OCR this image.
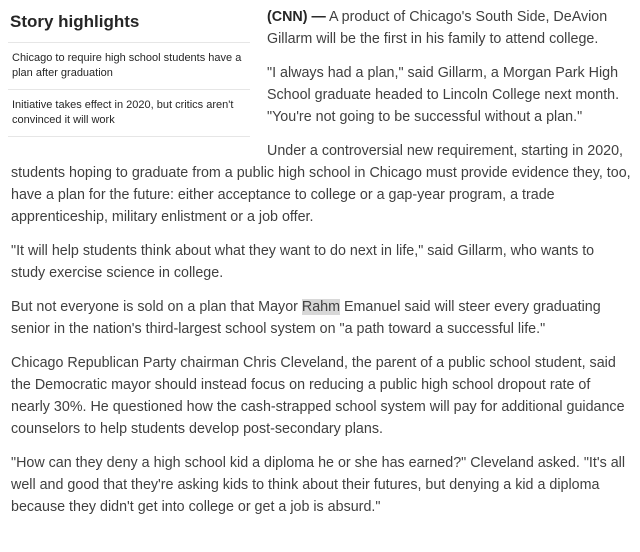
Story highlights
Chicago to require high school students have a plan after graduation
Initiative takes effect in 2020, but critics aren't convinced it will work

(CNN) — A product of Chicago's South Side, DeAvion Gillarm will be the first in his family to attend college.

"I always had a plan," said Gillarm, a Morgan Park High School graduate headed to Lincoln College next month. "You're not going to be successful without a plan."

Under a controversial new requirement, starting in 2020, students hoping to graduate from a public high school in Chicago must provide evidence they, too, have a plan for the future: either acceptance to college or a gap-year program, a trade apprenticeship, military enlistment or a job offer.

"It will help students think about what they want to do next in life," said Gillarm, who wants to study exercise science in college.

But not everyone is sold on a plan that Mayor Rahm Emanuel said will steer every graduating senior in the nation's third-largest school system on "a path toward a successful life."

Chicago Republican Party chairman Chris Cleveland, the parent of a public school student, said the Democratic mayor should instead focus on reducing a public high school dropout rate of nearly 30%. He questioned how the cash-strapped school system will pay for additional guidance counselors to help students develop post-secondary plans.

"How can they deny a high school kid a diploma he or she has earned?" Cleveland asked. "It's all well and good that they're asking kids to think about their futures, but denying a kid a diploma because they didn't get into college or get a job is absurd."
